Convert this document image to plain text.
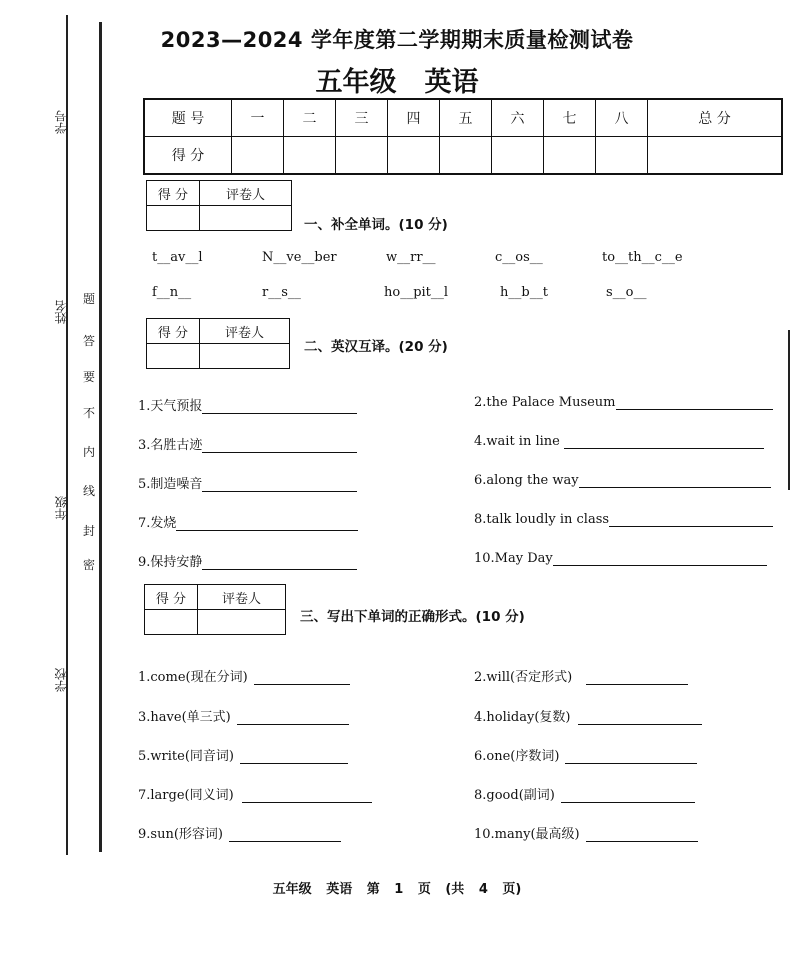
学号
姓名
年级
学校
题
答
要
不
内
线
封
密
2023—2024 学年度第二学期期末质量检测试卷
五年级 英语
题 号	一	二	三	四	五	六	七	八	总 分
得 分									
得 分	评卷人

一、补全单词。(10 分)
t__av__l	N__ve__ber	w__rr__	c__os__	to__th__c__e
f__n__	r__s__	ho__pit__l	h__b__t	s__o__
得 分	评卷人

二、英汉互译。(20 分)
1.天气预报
3.名胜古迹
5.制造噪音
7.发烧
9.保持安静
2.the Palace Museum
4.wait in line
6.along the way
8.talk loudly in class
10.May Day
得 分	评卷人

三、写出下单词的正确形式。(10 分)
1.come(现在分词)
3.have(单三式)
5.write(同音词)
7.large(同义词)
9.sun(形容词)
2.will(否定形式)
4.holiday(复数)
6.one(序数词)
8.good(副词)
10.many(最高级)
五年级 英语 第 1 页 (共 4 页)
